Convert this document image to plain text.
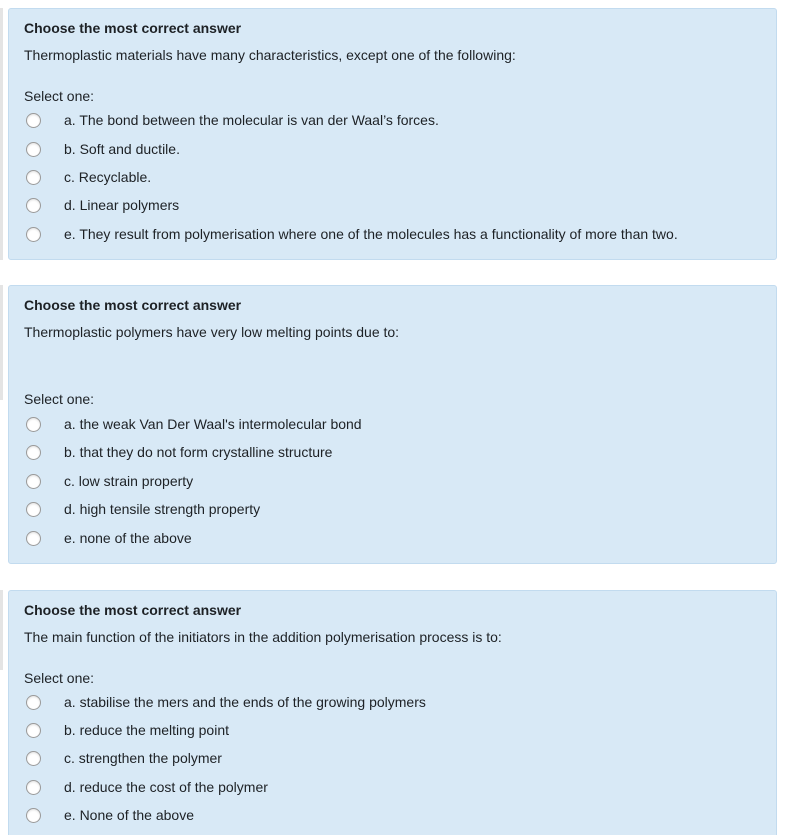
Choose the most correct answer
Thermoplastic materials have many characteristics, except one of the following:
Select one:
a. The bond between the molecular is van der Waal’s forces.
b. Soft and ductile.
c. Recyclable.
d. Linear polymers
e. They result from polymerisation where one of the molecules has a functionality of more than two.
Choose the most correct answer
Thermoplastic polymers have very low melting points due to:
Select one:
a. the weak Van Der Waal's intermolecular bond
b. that they do not form crystalline structure
c. low strain property
d. high tensile strength property
e. none of the above
Choose the most correct answer
The main function of the initiators in the addition polymerisation process is to:
Select one:
a. stabilise the mers and the ends of the growing polymers
b. reduce the melting point
c. strengthen the polymer
d. reduce the cost of the polymer
e. None of the above
